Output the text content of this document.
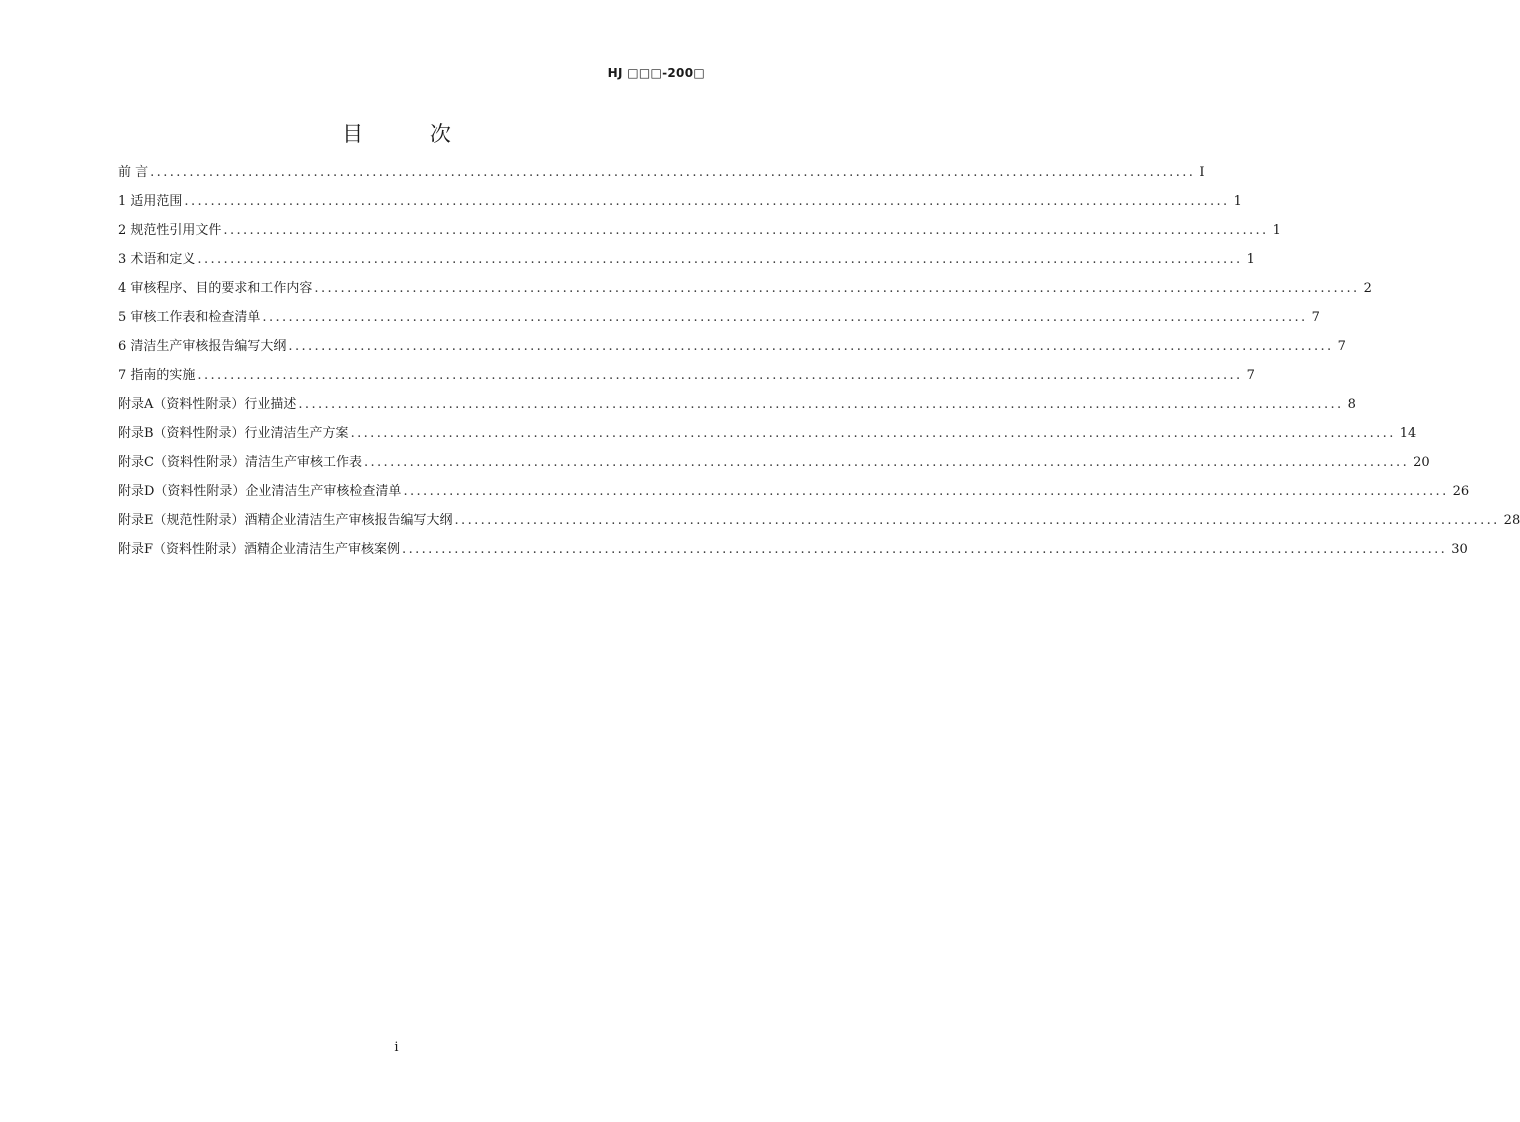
HJ □□□-200□
目 次
前 言 ................................................................................................................................................................ I
1 适用范围 ................................................................................................................................................................ 1
2 规范性引用文件 ................................................................................................................................................................ 1
3 术语和定义 ................................................................................................................................................................ 1
4 审核程序、目的要求和工作内容 ................................................................................................................................................................ 2
5 审核工作表和检查清单 ................................................................................................................................................................ 7
6 清洁生产审核报告编写大纲 ................................................................................................................................................................ 7
7 指南的实施 ................................................................................................................................................................ 7
附录A（资料性附录）行业描述 ................................................................................................................................................................ 8
附录B（资料性附录）行业清洁生产方案 ................................................................................................................................................................ 14
附录C（资料性附录）清洁生产审核工作表 ................................................................................................................................................................ 20
附录D（资料性附录）企业清洁生产审核检查清单 ................................................................................................................................................................ 26
附录E（规范性附录）酒精企业清洁生产审核报告编写大纲 ................................................................................................................................................................ 28
附录F（资料性附录）酒精企业清洁生产审核案例 ................................................................................................................................................................ 30
i
